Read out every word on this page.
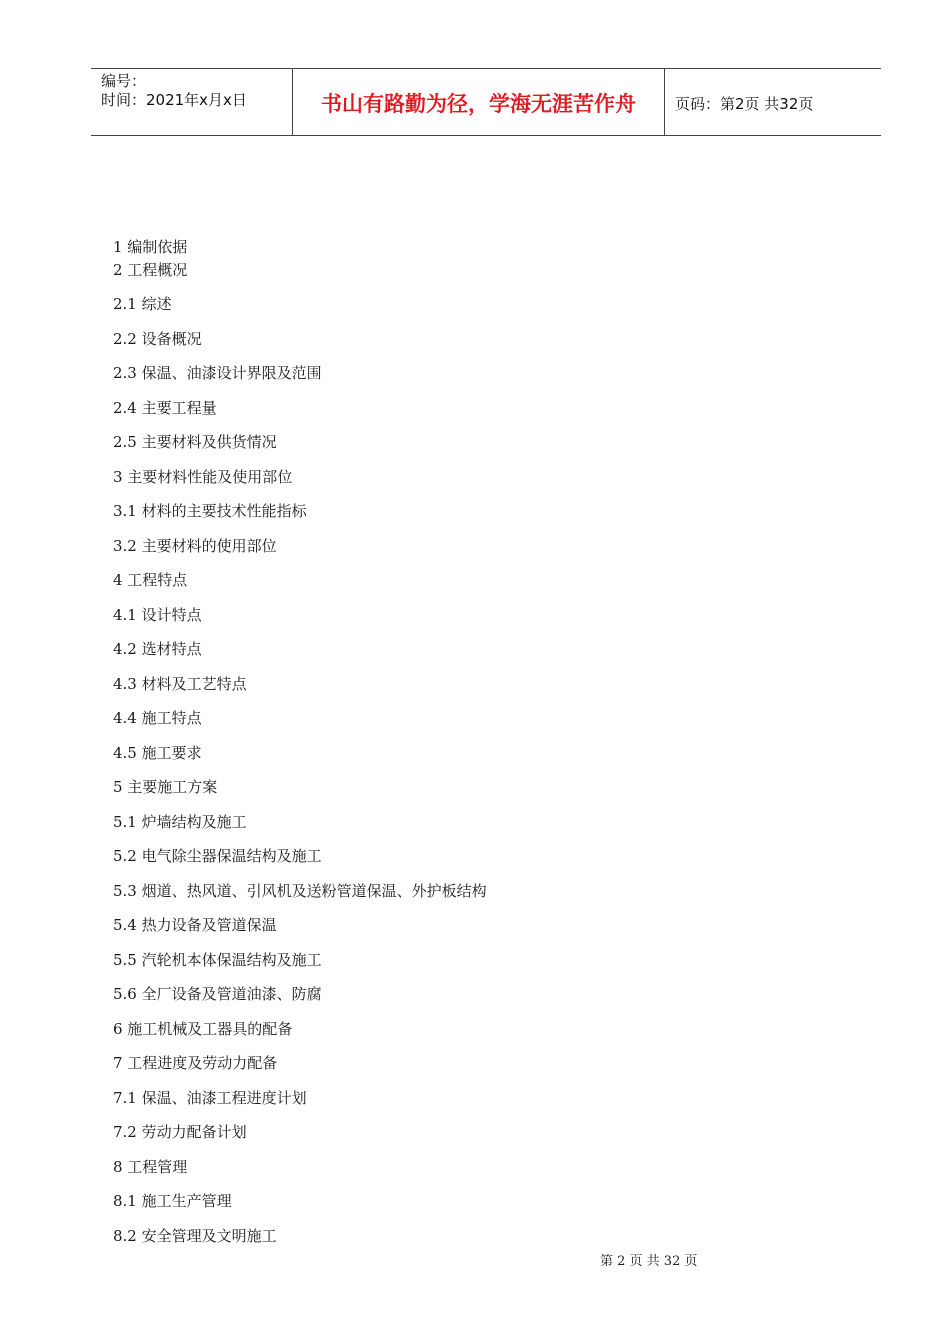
编号：
时间：2021年x月x日	书山有路勤为径，学海无涯苦作舟	页码：第2页 共32页
1 编制依据
2 工程概况
2.1 综述
2.2 设备概况
2.3 保温、油漆设计界限及范围
2.4 主要工程量
2.5 主要材料及供货情况
3 主要材料性能及使用部位
3.1 材料的主要技术性能指标
3.2 主要材料的使用部位
4 工程特点
4.1 设计特点
4.2 选材特点
4.3 材料及工艺特点
4.4 施工特点
4.5 施工要求
5 主要施工方案
5.1 炉墙结构及施工
5.2 电气除尘器保温结构及施工
5.3 烟道、热风道、引风机及送粉管道保温、外护板结构
5.4 热力设备及管道保温
5.5 汽轮机本体保温结构及施工
5.6 全厂设备及管道油漆、防腐
6 施工机械及工器具的配备
7 工程进度及劳动力配备
7.1 保温、油漆工程进度计划
7.2 劳动力配备计划
8 工程管理
8.1 施工生产管理
8.2 安全管理及文明施工
第 2 页 共 32 页
